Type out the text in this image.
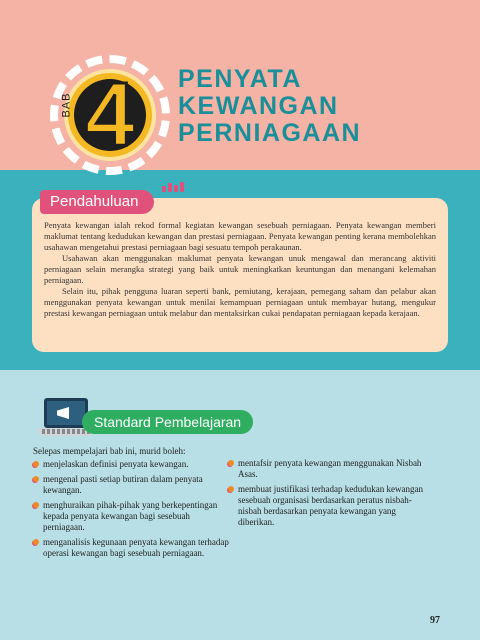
BAB 4	PENYATA
KEWANGAN
PERNIAGAAN
Pendahuluan

Penyata kewangan ialah rekod formal kegiatan kewangan sesebuah perniagaan. Penyata kewangan memberi maklumat tentang kedudukan kewangan dan prestasi perniagaan. Penyata kewangan penting kerana membolehkan usahawan mengetahui prestasi perniagaan bagi sesuatu tempoh perakaunan.

Usahawan akan menggunakan maklumat penyata kewangan unuk mengawal dan merancang aktiviti perniagaan selain merangka strategi yang baik untuk meningkatkan keuntungan dan menangani kelemahan perniagaan.

Selain itu, pihak pengguna luaran seperti bank, pemiutang, kerajaan, pemegang saham dan pelabur akan menggunakan penyata kewangan untuk menilai kemampuan perniagaan untuk membayar hutang, mengukur prestasi kewangan perniagaan untuk melabur dan mentaksirkan cukai pendapatan perniagaan kepada kerajaan.

Standard Pembelajaran
Selepas mempelajari bab ini, murid boleh:
menjelaskan definisi penyata kewangan.
mengenal pasti setiap butiran dalam penyata kewangan.
menghuraikan pihak-pihak yang berkepentingan kepada penyata kewangan bagi sesebuah perniagaan.
menganalisis kegunaan penyata kewangan terhadap operasi kewangan bagi sesebuah perniagaan.
mentafsir penyata kewangan menggunakan Nisbah Asas.
membuat justifikasi terhadap kedudukan kewangan sesebuah organisasi berdasarkan peratus nisbah-nisbah berdasarkan penyata kewangan yang diberikan.
97
